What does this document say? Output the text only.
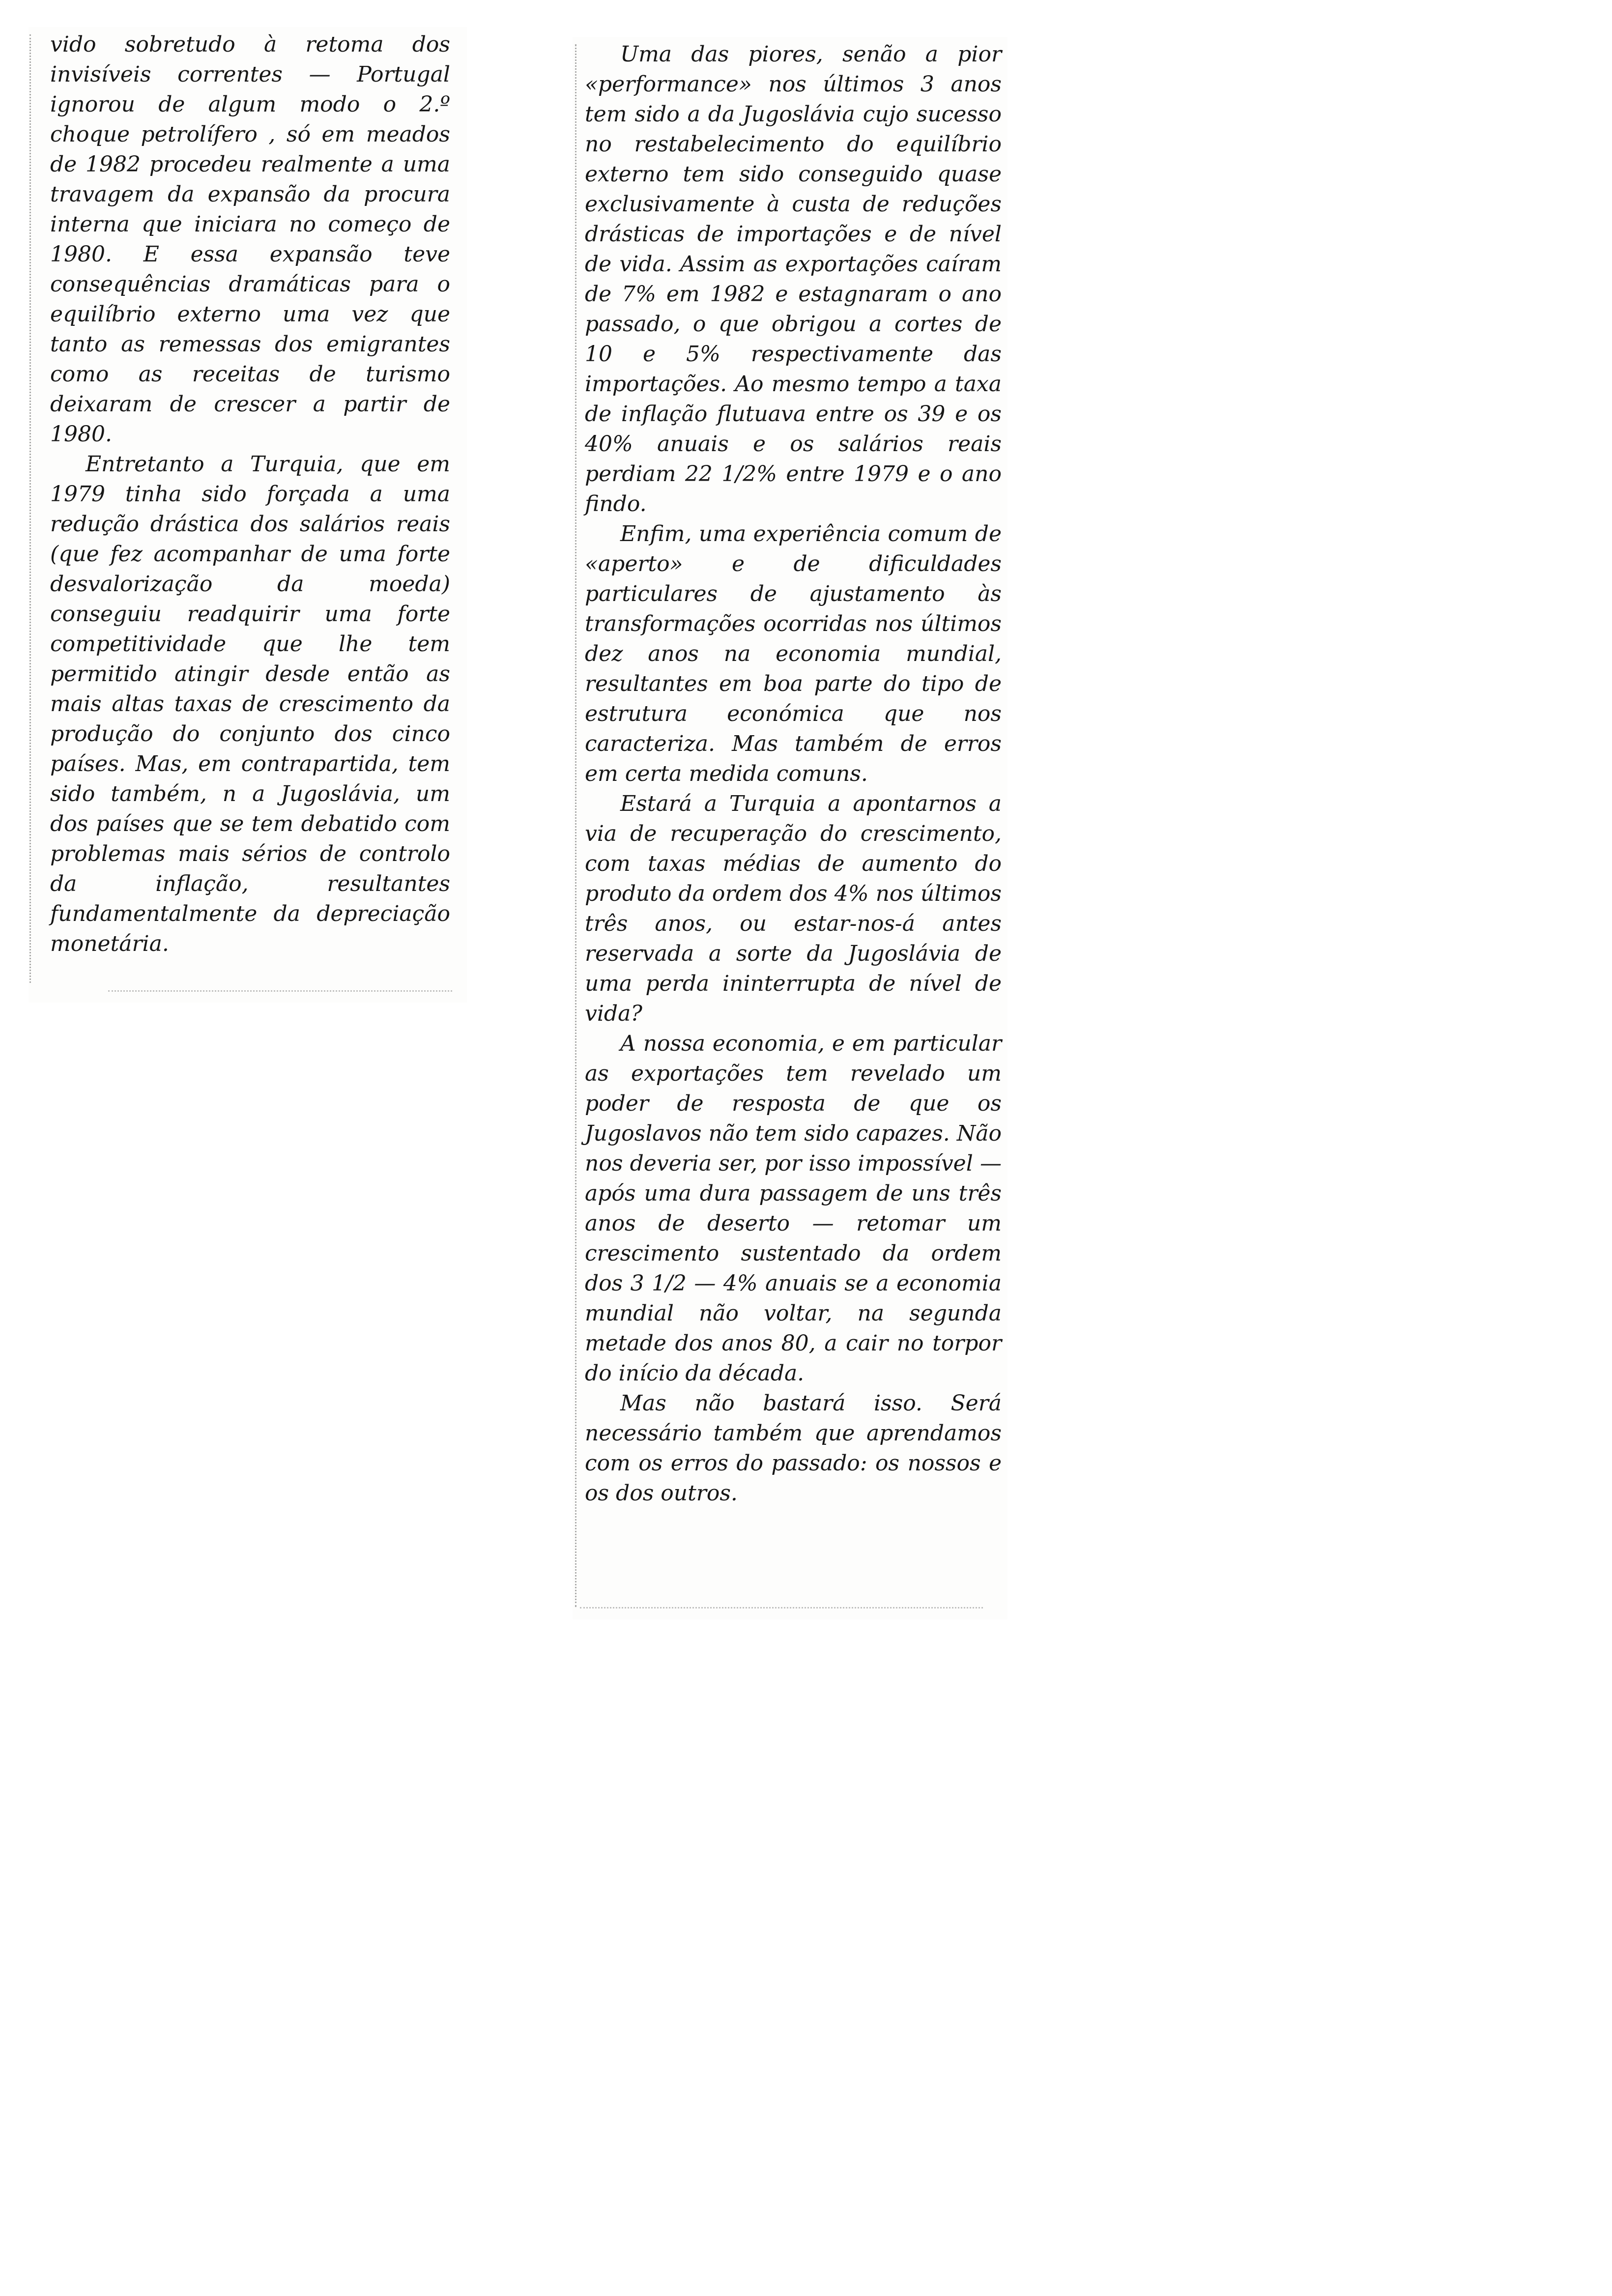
vido sobretudo à retoma dos invisíveis correntes — Portugal ignorou de algum modo o 2.º choque petrolífero , só em meados de 1982 procedeu realmente a uma travagem da expansão da procura interna que iniciara no começo de 1980. E essa expansão teve consequências dramáticas para o equilíbrio externo uma vez que tanto as remessas dos emigrantes como as receitas de turismo deixaram de crescer a partir de 1980.

Entretanto a Turquia, que em 1979 tinha sido forçada a uma redução drástica dos salários reais (que fez acompanhar de uma forte desvalorização da moeda) conseguiu readquirir uma forte competitividade que lhe tem permitido atingir desde então as mais altas taxas de crescimento da produção do conjunto dos cinco países. Mas, em contrapartida, tem sido também, n a Jugoslávia, um dos países que se tem debatido com problemas mais sérios de controlo da inflação, resultantes fundamentalmente da depreciação monetária.

Uma das piores, senão a pior «performance» nos últimos 3 anos tem sido a da Jugoslávia cujo sucesso no restabelecimento do equilíbrio externo tem sido conseguido quase exclusivamente à custa de reduções drásticas de importações e de nível de vida. Assim as exportações caíram de 7% em 1982 e estagnaram o ano passado, o que obrigou a cortes de 10 e 5% respectivamente das importações. Ao mesmo tempo a taxa de inflação flutuava entre os 39 e os 40% anuais e os salários reais perdiam 22 1/2% entre 1979 e o ano findo.

Enfim, uma experiência comum de «aperto» e de dificuldades particulares de ajustamento às transformações ocorridas nos últimos dez anos na economia mundial, resultantes em boa parte do tipo de estrutura económica que nos caracteriza. Mas também de erros em certa medida comuns.

Estará a Turquia a apontarnos a via de recuperação do crescimento, com taxas médias de aumento do produto da ordem dos 4% nos últimos três anos, ou estar-nos-á antes reservada a sorte da Jugoslávia de uma perda ininterrupta de nível de vida?

A nossa economia, e em particular as exportações tem revelado um poder de resposta de que os Jugoslavos não tem sido capazes. Não nos deveria ser, por isso impossível — após uma dura passagem de uns três anos de deserto — retomar um crescimento sustentado da ordem dos 3 1/2 — 4% anuais se a economia mundial não voltar, na segunda metade dos anos 80, a cair no torpor do início da década.

Mas não bastará isso. Será necessário também que aprendamos com os erros do passado: os nossos e os dos outros.
